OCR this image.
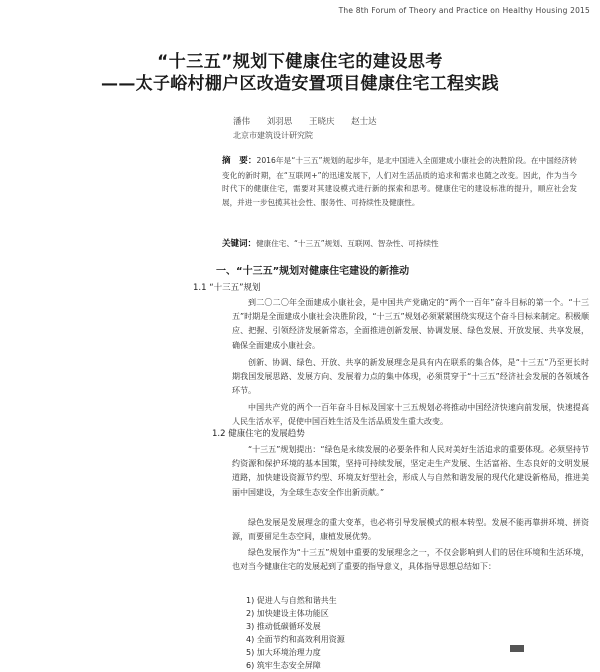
The 8th Forum of Theory and Practice on Healthy Housing 2015
“十三五”规划下健康住宅的建设思考
——太子峪村棚户区改造安置项目健康住宅工程实践
潘伟 刘羽思 王晓庆 赵士达
北京市建筑设计研究院
摘　要：2016年是“十三五”规划的起步年，是北中国进入全面建成小康社会的决胜阶段。在中国经济转变化的新时期，在“互联网+”的迅速发展下，人们对生活品质的追求和需求也随之改变。因此，作为当今时代下的健康住宅，需要对其建设模式进行新的探索和思考。健康住宅的建设标准的提升，順应社会发展，并进一步包揽其社会性、服务性、可持续性及健康性。
关键词：健康住宅、“十三五”规划、互联网、智杂性、可持续性
一、“十三五”规划对健康住宅建设的新推动
1.1 “十三五”规划
到二〇二〇年全面建成小康社会，是中国共产党确定的“两个一百年”奋斗目标的第一个。“十三五”时期是全面建成小康社会决胜阶段，“十三五”规划必须紧紧围绕实现这个奋斗目标来制定。积极顺应、把握、引领经济发展新常态，全面推进创新发展、协调发展、绿色发展、开放发展、共享发展，确保全面建成小康社会。
创新、协调、绿色、开放、共享的新发展理念是具有内在联系的集合体，是“十三五”乃至更长时期我国发展思路、发展方向、发展着力点的集中体现，必须贯穿于“十三五”经济社会发展的各领域各环节。
中国共产党的两个一百年奋斗目标及国家十三五规划必将推动中国经济快速向前发展，快速提高人民生活水平，促使中国百姓生活及生活品质发生重大改变。
1.2 健康住宅的发展趋势
“十三五”规划提出：“绿色是永续发展的必要条件和人民对美好生活追求的重要体现。必须坚持节约资源和保护环境的基本国策，坚持可持续发展，坚定走生产发展、生活富裕、生态良好的文明发展道路，加快建设资源节约型、环境友好型社会，形成人与自然和谐发展的现代化建设新格局，推进美丽中国建设，为全球生态安全作出新贡献。”
绿色发展是发展理念的重大变革，也必将引导发展模式的根本转型。发展不能再靠拼环境、拼资源，而要留足生态空间，康植发展优势。
绿色发展作为“十三五”规划中重要的发展理念之一，不仅会影响到人们的居住环境和生活环境，也对当今健康住宅的发展起到了重要的指导意义，具体指导思想总结如下：
1) 促进人与自然和谐共生
2) 加快建设主体功能区
3) 推动低碳循环发展
4) 全面节约和高效利用资源
5) 加大环境治理力度
6) 筑牢生态安全屏障
